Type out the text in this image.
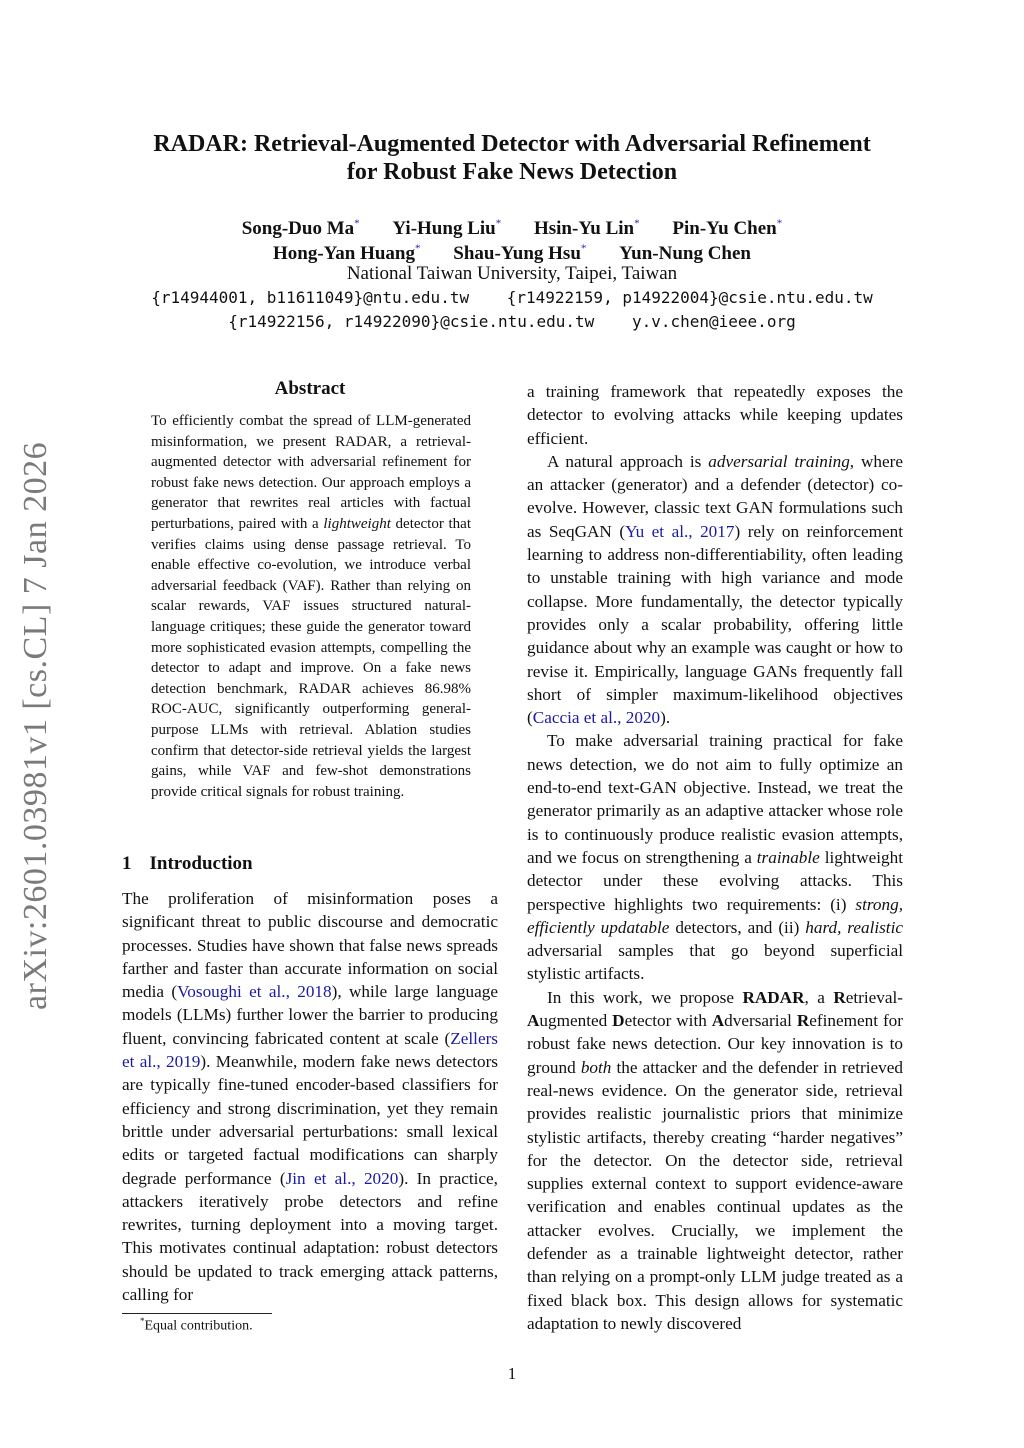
arXiv:2601.03981v1 [cs.CL] 7 Jan 2026
RADAR: Retrieval-Augmented Detector with Adversarial Refinement
for Robust Fake News Detection
Song-Duo Ma* Yi-Hung Liu* Hsin-Yu Lin* Pin-Yu Chen*
Hong-Yan Huang* Shau-Yung Hsu* Yun-Nung Chen
National Taiwan University, Taipei, Taiwan
{r14944001, b11611049}@ntu.edu.tw {r14922159, p14922004}@csie.ntu.edu.tw
{r14922156, r14922090}@csie.ntu.edu.tw y.v.chen@ieee.org
Abstract
To efficiently combat the spread of LLM-generated misinformation, we present RADAR, a retrieval-augmented detector with adversarial refinement for robust fake news detection. Our approach employs a generator that rewrites real articles with factual perturbations, paired with a lightweight detector that verifies claims using dense passage retrieval. To enable effective co-evolution, we introduce verbal adversarial feedback (VAF). Rather than relying on scalar rewards, VAF issues structured natural-language critiques; these guide the generator toward more sophisticated evasion attempts, compelling the detector to adapt and improve. On a fake news detection benchmark, RADAR achieves 86.98% ROC-AUC, significantly outperforming general-purpose LLMs with retrieval. Ablation studies confirm that detector-side retrieval yields the largest gains, while VAF and few-shot demonstrations provide critical signals for robust training.
1 Introduction

The proliferation of misinformation poses a significant threat to public discourse and democratic processes. Studies have shown that false news spreads farther and faster than accurate information on social media (Vosoughi et al., 2018), while large language models (LLMs) further lower the barrier to producing fluent, convincing fabricated content at scale (Zellers et al., 2019). Meanwhile, modern fake news detectors are typically fine-tuned encoder-based classifiers for efficiency and strong discrimination, yet they remain brittle under adversarial perturbations: small lexical edits or targeted factual modifications can sharply degrade performance (Jin et al., 2020). In practice, attackers iteratively probe detectors and refine rewrites, turning deployment into a moving target. This motivates continual adaptation: robust detectors should be updated to track emerging attack patterns, calling for

a training framework that repeatedly exposes the detector to evolving attacks while keeping updates efficient.

A natural approach is adversarial training, where an attacker (generator) and a defender (detector) co-evolve. However, classic text GAN formulations such as SeqGAN (Yu et al., 2017) rely on reinforcement learning to address non-differentiability, often leading to unstable training with high variance and mode collapse. More fundamentally, the detector typically provides only a scalar probability, offering little guidance about why an example was caught or how to revise it. Empirically, language GANs frequently fall short of simpler maximum-likelihood objectives (Caccia et al., 2020).

To make adversarial training practical for fake news detection, we do not aim to fully optimize an end-to-end text-GAN objective. Instead, we treat the generator primarily as an adaptive attacker whose role is to continuously produce realistic evasion attempts, and we focus on strengthening a trainable lightweight detector under these evolving attacks. This perspective highlights two requirements: (i) strong, efficiently updatable detectors, and (ii) hard, realistic adversarial samples that go beyond superficial stylistic artifacts.

In this work, we propose RADAR, a Retrieval-Augmented Detector with Adversarial Refinement for robust fake news detection. Our key innovation is to ground both the attacker and the defender in retrieved real-news evidence. On the generator side, retrieval provides realistic journalistic priors that minimize stylistic artifacts, thereby creating “harder negatives” for the detector. On the detector side, retrieval supplies external context to support evidence-aware verification and enables continual updates as the attacker evolves. Crucially, we implement the defender as a trainable lightweight detector, rather than relying on a prompt-only LLM judge treated as a fixed black box. This design allows for systematic adaptation to newly discovered

*Equal contribution.
1
